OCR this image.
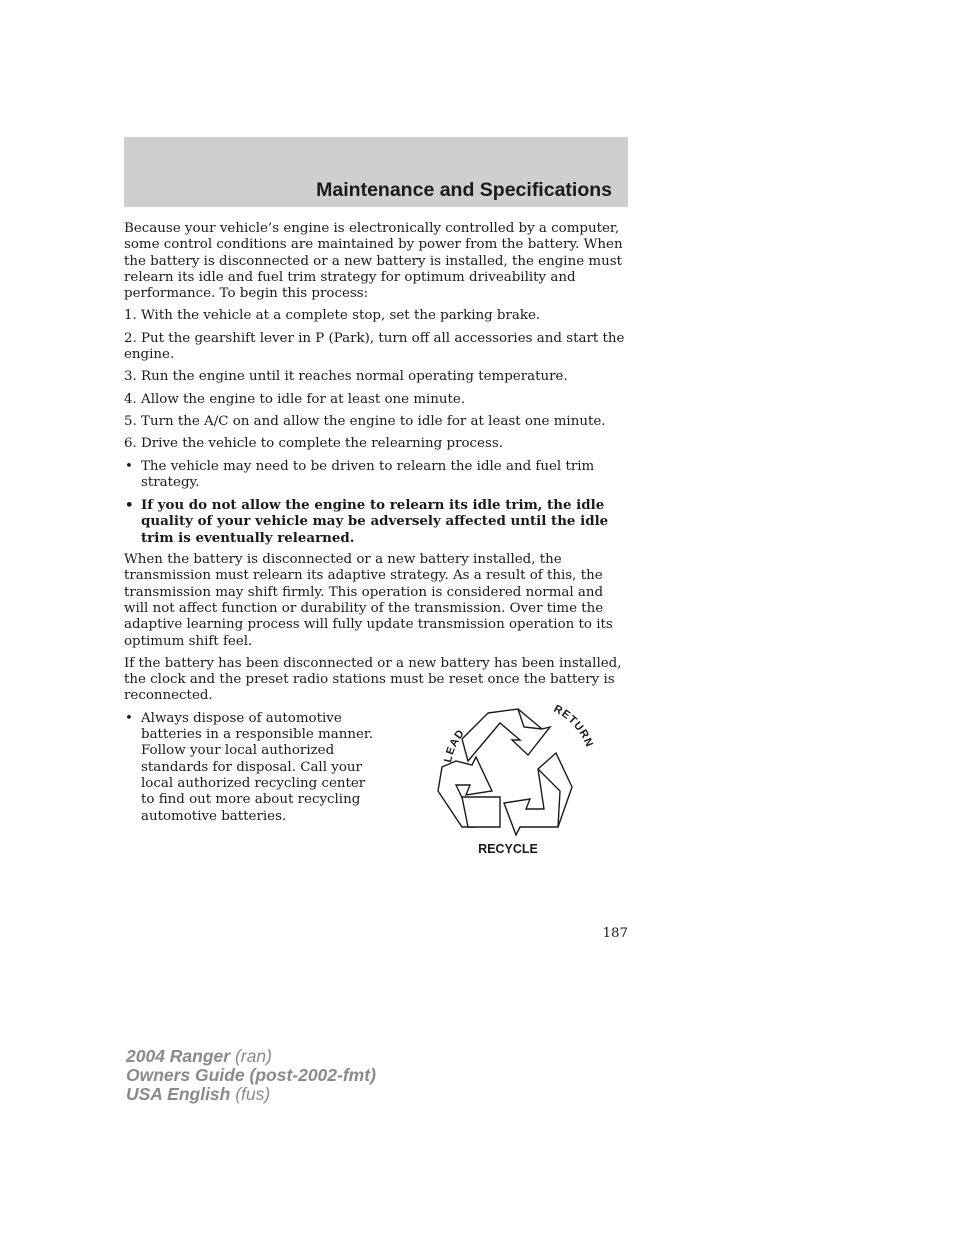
Maintenance and Specifications

Because your vehicle’s engine is electronically controlled by a computer, some control conditions are maintained by power from the battery. When the battery is disconnected or a new battery is installed, the engine must relearn its idle and fuel trim strategy for optimum driveability and performance. To begin this process:

1. With the vehicle at a complete stop, set the parking brake.
2. Put the gearshift lever in P (Park), turn off all accessories and start the engine.
3. Run the engine until it reaches normal operating temperature.
4. Allow the engine to idle for at least one minute.
5. Turn the A/C on and allow the engine to idle for at least one minute.
6. Drive the vehicle to complete the relearning process.
• The vehicle may need to be driven to relearn the idle and fuel trim strategy.
• If you do not allow the engine to relearn its idle trim, the idle quality of your vehicle may be adversely affected until the idle trim is eventually relearned.

When the battery is disconnected or a new battery installed, the transmission must relearn its adaptive strategy. As a result of this, the transmission may shift firmly. This operation is considered normal and will not affect function or durability of the transmission. Over time the adaptive learning process will fully update transmission operation to its optimum shift feel.

If the battery has been disconnected or a new battery has been installed, the clock and the preset radio stations must be reset once the battery is reconnected.

• Always dispose of automotive batteries in a responsible manner. Follow your local authorized standards for disposal. Call your local authorized recycling center to find out more about recycling automotive batteries.
LEAD
RETURN
RECYCLE
187
2004 Ranger (ran)
Owners Guide (post-2002-fmt)
USA English (fus)
